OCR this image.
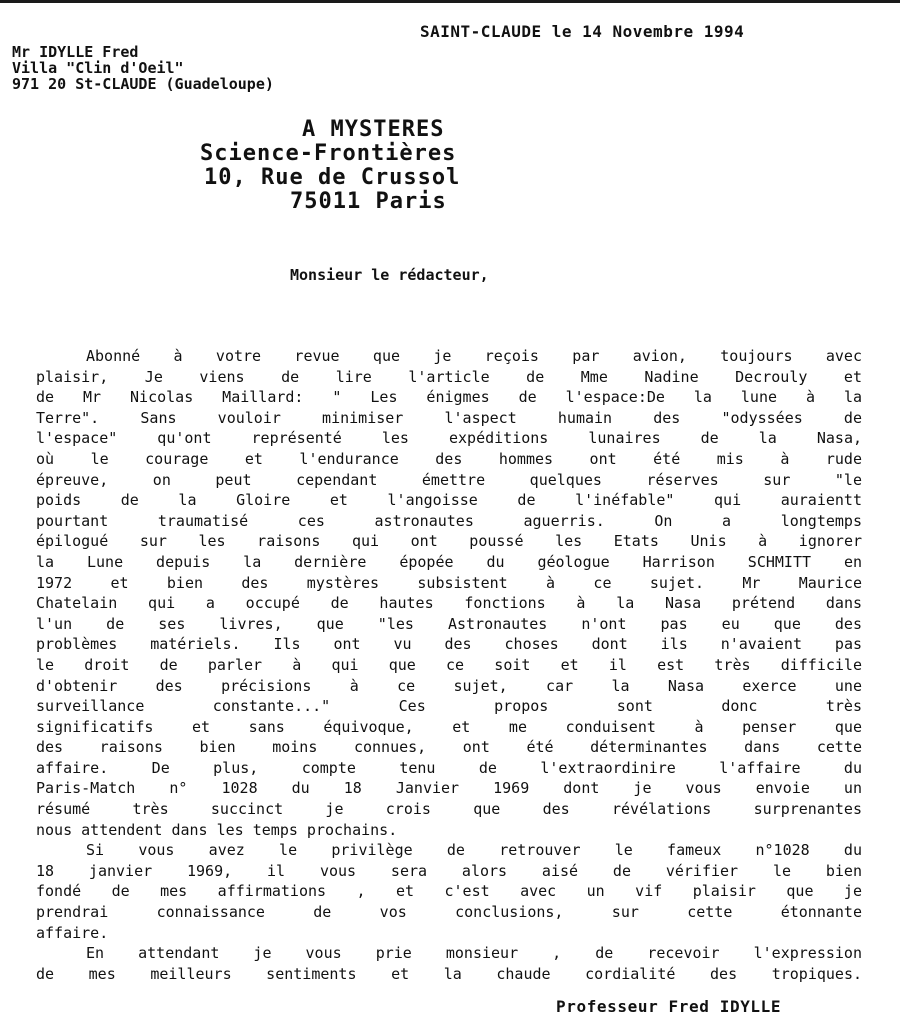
SAINT-CLAUDE le 14 Novembre 1994
Mr IDYLLE Fred
Villa "Clin d'Oeil"
971 20 St-CLAUDE (Guadeloupe)
A MYSTERES
Science-Frontières
10, Rue de Crussol
75011 Paris
Monsieur le rédacteur,
Abonné à votre revue que je reçois par avion, toujours avec
plaisir, Je viens de lire l'article de Mme Nadine Decrouly et
de Mr Nicolas Maillard: " Les énigmes de l'espace:De la lune à la
Terre". Sans vouloir minimiser l'aspect humain des "odyssées de
l'espace" qu'ont représenté les expéditions lunaires de la Nasa,
où le courage et l'endurance des hommes ont été mis à rude
épreuve, on peut cependant émettre quelques réserves sur "le
poids de la Gloire et l'angoisse de l'inéfable" qui auraientt
pourtant traumatisé ces astronautes aguerris. On a longtemps
épilogué sur les raisons qui ont poussé les Etats Unis à ignorer
la Lune depuis la dernière épopée du géologue Harrison SCHMITT en
1972 et bien des mystères subsistent à ce sujet. Mr Maurice
Chatelain qui a occupé de hautes fonctions à la Nasa prétend dans
l'un de ses livres, que "les Astronautes n'ont pas eu que des
problèmes matériels. Ils ont vu des choses dont ils n'avaient pas
le droit de parler à qui que ce soit et il est très difficile
d'obtenir des précisions à ce sujet, car la Nasa exerce une
surveillance constante..." Ces propos sont donc très
significatifs et sans équivoque, et me conduisent à penser que
des raisons bien moins connues, ont été déterminantes dans cette
affaire. De plus, compte tenu de l'extraordinire l'affaire du
Paris-Match n° 1028 du 18 Janvier 1969 dont je vous envoie un
résumé très succinct je crois que des révélations surprenantes
nous attendent dans les temps prochains.
Si vous avez le privilège de retrouver le fameux n°1028 du
18 janvier 1969, il vous sera alors aisé de vérifier le bien
fondé de mes affirmations , et c'est avec un vif plaisir que je
prendrai connaissance de vos conclusions, sur cette étonnante
affaire.
En attendant je vous prie monsieur , de recevoir l'expression
de mes meilleurs sentiments et la chaude cordialité des tropiques.
Professeur Fred IDYLLE
